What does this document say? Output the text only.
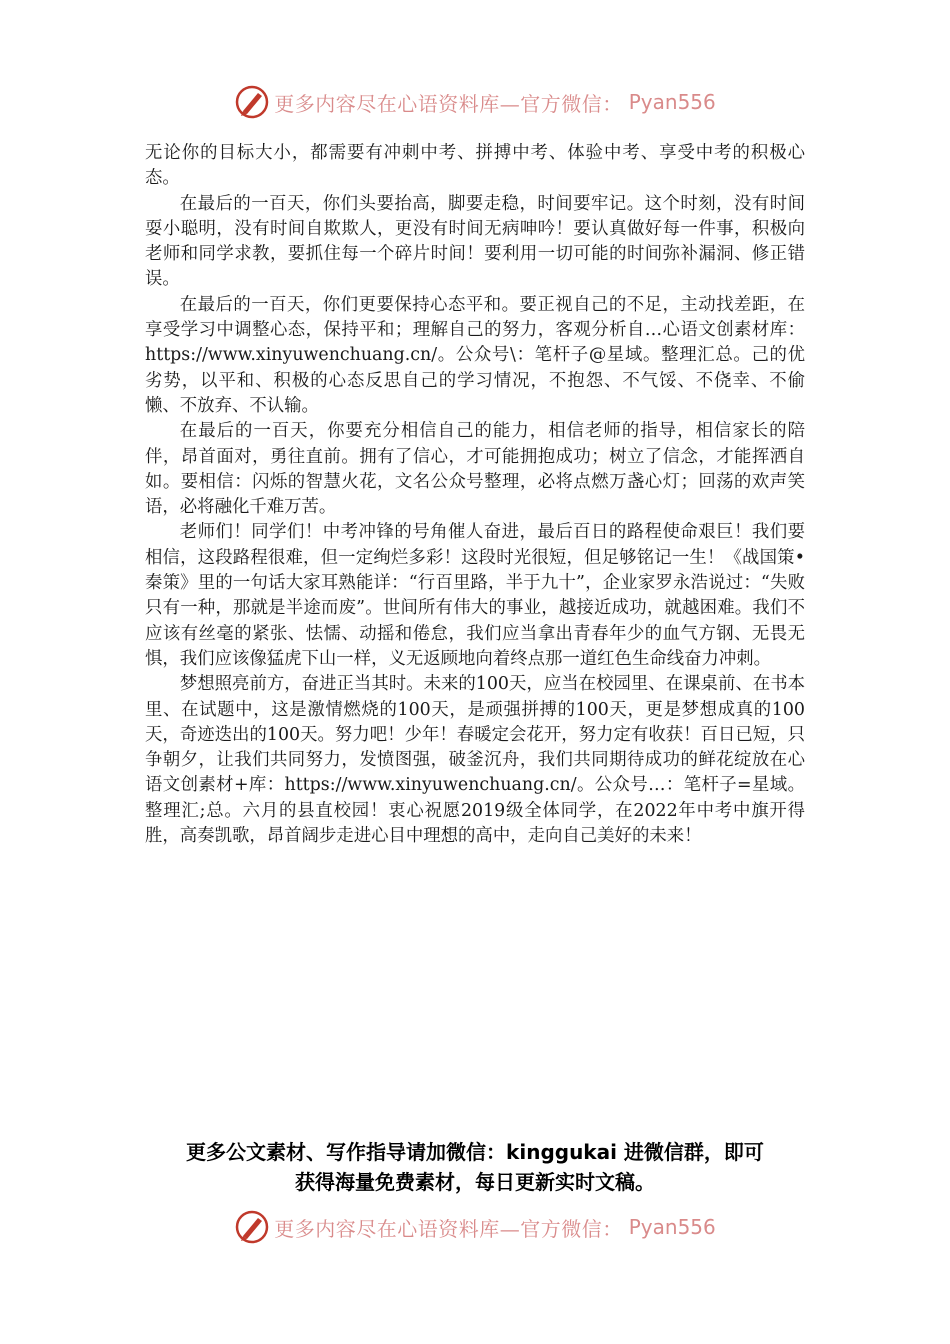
更多内容尽在心语资料库—官方微信： Pyan556

无论你的目标大小，都需要有冲刺中考、拼搏中考、体验中考、享受中考的积极心态。

在最后的一百天，你们头要抬高，脚要走稳，时间要牢记。这个时刻，没有时间耍小聪明，没有时间自欺欺人，更没有时间无病呻吟！要认真做好每一件事，积极向老师和同学求教，要抓住每一个碎片时间！要利用一切可能的时间弥补漏洞、修正错误。

在最后的一百天，你们更要保持心态平和。要正视自己的不足，主动找差距，在享受学习中调整心态，保持平和；理解自己的努力，客观分析自…心语文创素材库：https://www.xinyuwenchuang.cn/。公众号\：笔杆子@星域。整理汇总。己的优劣势，以平和、积极的心态反思自己的学习情况，不抱怨、不气馁、不侥幸、不偷懒、不放弃、不认输。

在最后的一百天，你要充分相信自己的能力，相信老师的指导，相信家长的陪伴，昂首面对，勇往直前。拥有了信心，才可能拥抱成功；树立了信念，才能挥洒自如。要相信：闪烁的智慧火花，文名公众号整理，必将点燃万盏心灯；回荡的欢声笑语，必将融化千难万苦。

老师们！同学们！中考冲锋的号角催人奋进，最后百日的路程使命艰巨！我们要相信，这段路程很难，但一定绚烂多彩！这段时光很短，但足够铭记一生！《战国策•秦策》里的一句话大家耳熟能详：“行百里路，半于九十”，企业家罗永浩说过：“失败只有一种，那就是半途而废”。世间所有伟大的事业，越接近成功，就越困难。我们不应该有丝毫的紧张、怯懦、动摇和倦怠，我们应当拿出青春年少的血气方钢、无畏无惧，我们应该像猛虎下山一样，义无返顾地向着终点那一道红色生命线奋力冲刺。

梦想照亮前方，奋进正当其时。未来的100天，应当在校园里、在课桌前、在书本里、在试题中，这是激情燃烧的100天，是顽强拼搏的100天，更是梦想成真的100天，奇迹迭出的100天。努力吧！少年！春暖定会花开，努力定有收获！百日已短，只争朝夕，让我们共同努力，发愤图强，破釜沉舟，我们共同期待成功的鲜花绽放在心语文创素材+库：https://www.xinyuwenchuang.cn/。公众号…：笔杆子=星域。整理汇;总。六月的县直校园！衷心祝愿2019级全体同学，在2022年中考中旗开得胜，高奏凯歌，昂首阔步走进心目中理想的高中，走向自己美好的未来！

更多公文素材、写作指导请加微信：kinggukai 进微信群，即可
获得海量免费素材，每日更新实时文稿。
更多内容尽在心语资料库—官方微信： Pyan556
